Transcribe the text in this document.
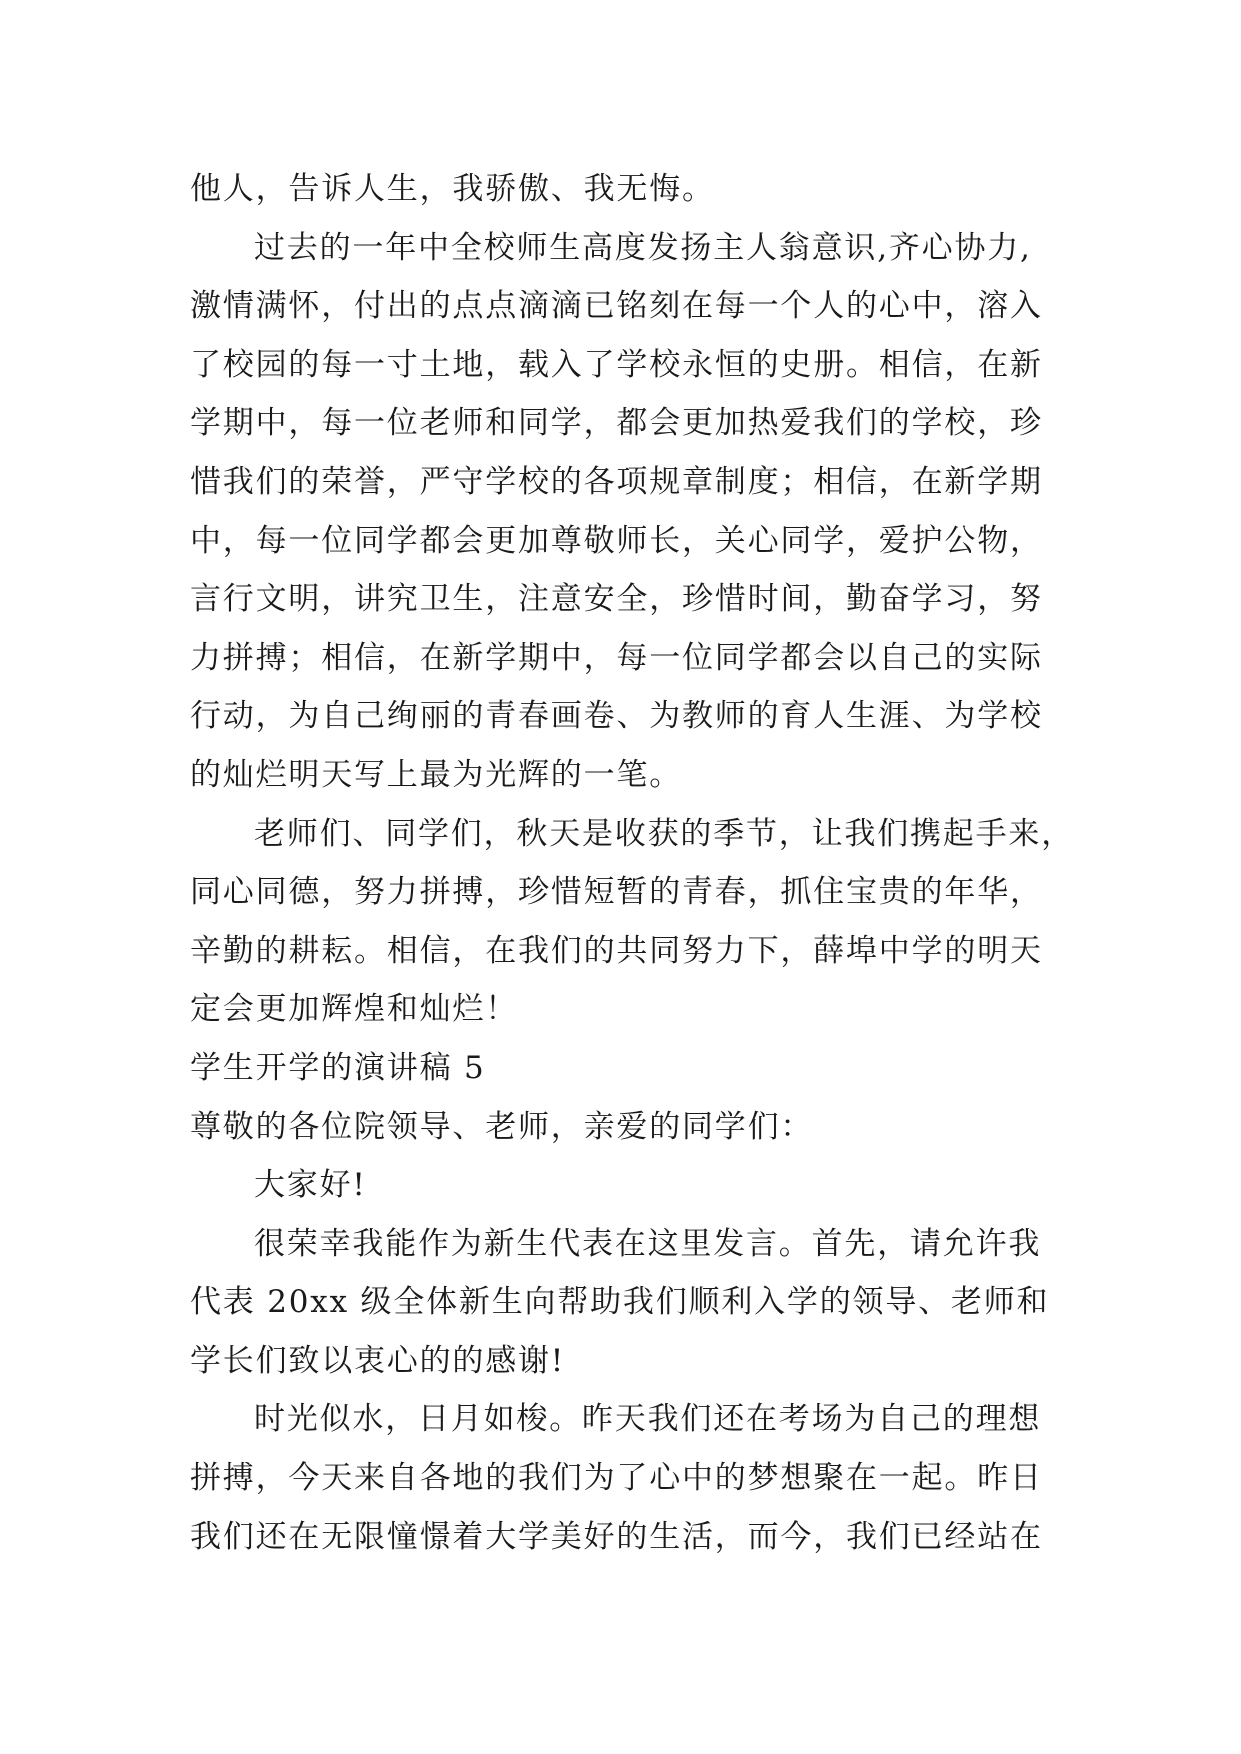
他人，告诉人生，我骄傲、我无悔。
过去的一年中全校师生高度发扬主人翁意识,齐心协力,
激情满怀，付出的点点滴滴已铭刻在每一个人的心中，溶入
了校园的每一寸土地，载入了学校永恒的史册。相信，在新
学期中，每一位老师和同学，都会更加热爱我们的学校，珍
惜我们的荣誉，严守学校的各项规章制度；相信，在新学期
中，每一位同学都会更加尊敬师长，关心同学，爱护公物，
言行文明，讲究卫生，注意安全，珍惜时间，勤奋学习，努
力拼搏；相信，在新学期中，每一位同学都会以自己的实际
行动，为自己绚丽的青春画卷、为教师的育人生涯、为学校
的灿烂明天写上最为光辉的一笔。
老师们、同学们，秋天是收获的季节，让我们携起手来，
同心同德，努力拼搏，珍惜短暂的青春，抓住宝贵的年华，
辛勤的耕耘。相信，在我们的共同努力下，薛埠中学的明天
定会更加辉煌和灿烂！
学生开学的演讲稿 5
尊敬的各位院领导、老师，亲爱的同学们：
大家好!
很荣幸我能作为新生代表在这里发言。首先，请允许我
代表 20xx 级全体新生向帮助我们顺利入学的领导、老师和
学长们致以衷心的的感谢!
时光似水，日月如梭。昨天我们还在考场为自己的理想
拼搏，今天来自各地的我们为了心中的梦想聚在一起。昨日
我们还在无限憧憬着大学美好的生活，而今，我们已经站在
